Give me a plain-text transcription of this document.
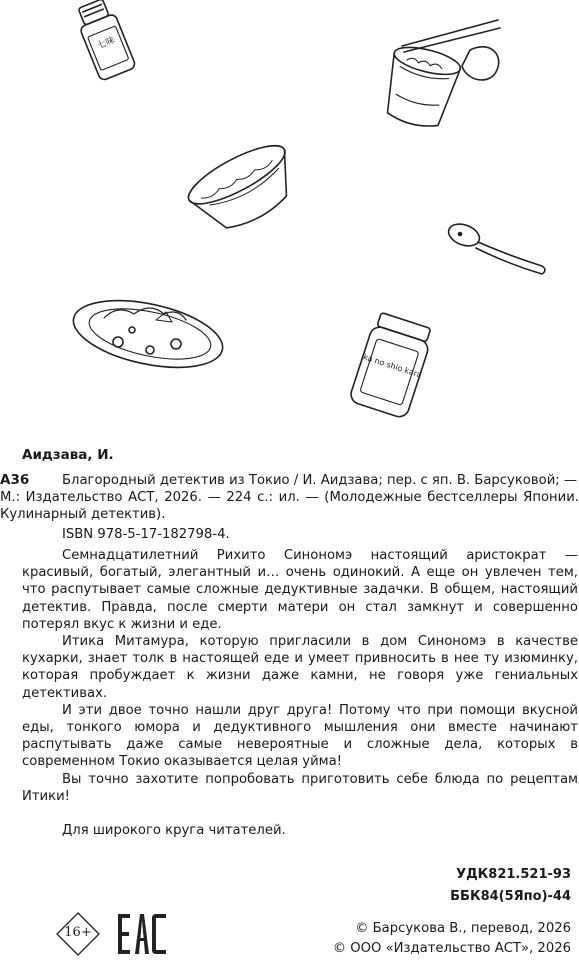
七味
ika no shio kara
Аидзава, И.
А36	Благородный детектив из Токио / И. Аидзава; пер. с яп. В. Барсуковой; —

М.: Издательство АСТ, 2026. — 224 с.: ил. — (Молодежные бестселлеры Японии. Кулинарный детектив).

ISBN 978-5-17-182798-4.

Семнадцатилетний Рихито Синономэ настоящий аристократ — красивый, богатый, элегантный и… очень одинокий. А еще он увлечен тем, что распутывает самые сложные дедуктивные задачки. В общем, настоящий детектив. Правда, после смерти матери он стал замкнут и совершенно потерял вкус к жизни и еде.

Итика Митамура, которую пригласили в дом Синономэ в качестве кухарки, знает толк в настоящей еде и умеет привносить в нее ту изюминку, которая пробуждает к жизни даже камни, не говоря уже гениальных детективах.

И эти двое точно нашли друг друга! Потому что при помощи вкусной еды, тонкого юмора и дедуктивного мышления они вместе начинают распутывать даже самые невероятные и сложные дела, которых в современном Токио оказывается целая уйма!

Вы точно захотите попробовать приготовить себе блюда по рецептам Итики!

Для широкого круга читателей.
УДК821.521-93
ББК84(5Япо)-44
16+	© Барсукова В., перевод, 2026
© ООО «Издательство АСТ», 2026
